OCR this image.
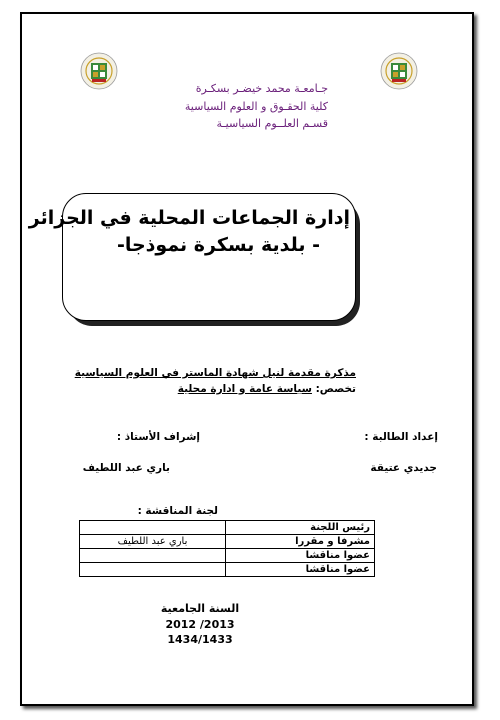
جـامعـة محمد خيضـر بسكـرة
كلية الحقـوق و العلوم السياسية
قسـم العلــوم السياسيـة
إدارة الجماعات المحلية في الجزائر
- بلدية بسكرة نموذجا-
مذكرة مقدمة لنيل شهادة الماستر في العلوم السياسية
تخصص: سياسة عامة و ادارة محلية
إعداد الطالبة :
إشراف الأستاذ :
جديدي عتيقة
باري عبد اللطيف
لجنة المناقشة :
رئيس اللجنة	
مشرفا و مقررا	باري عبد اللطيف
عضوا مناقشا	
عضوا مناقشا	
السنة الجامعية
2013/ 2012
1434/1433
